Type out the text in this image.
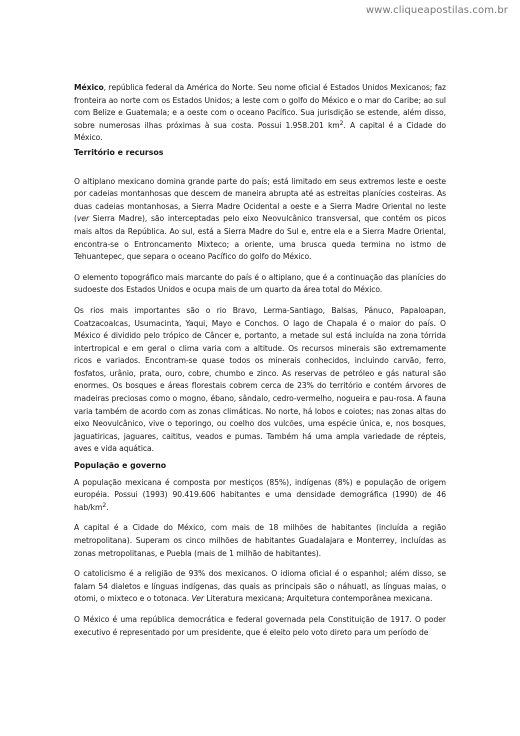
www.cliqueapostilas.com.br

México, república federal da América do Norte. Seu nome oficial é Estados Unidos Mexicanos; faz fronteira ao norte com os Estados Unidos; a leste com o golfo do México e o mar do Caribe; ao sul com Belize e Guatemala; e a oeste com o oceano Pacífico. Sua jurisdição se estende, além disso, sobre numerosas ilhas próximas à sua costa. Possui 1.958.201 $km^2$. A capital é a Cidade do México.

Território e recursos

O altiplano mexicano domina grande parte do país; está limitado em seus extremos leste e oeste por cadeias montanhosas que descem de maneira abrupta até as estreitas planícies costeiras. As duas cadeias montanhosas, a Sierra Madre Ocidental a oeste e a Sierra Madre Oriental no leste (ver Sierra Madre), são interceptadas pelo eixo Neovulcânico transversal, que contém os picos mais altos da República. Ao sul, está a Sierra Madre do Sul e, entre ela e a Sierra Madre Oriental, encontra-se o Entroncamento Mixteco; a oriente, uma brusca queda termina no istmo de Tehuantepec, que separa o oceano Pacífico do golfo do México.

O elemento topográfico mais marcante do país é o altiplano, que é a continuação das planícies do sudoeste dos Estados Unidos e ocupa mais de um quarto da área total do México.

Os rios mais importantes são o rio Bravo, Lerma-Santiago, Balsas, Pánuco, Papaloapan, Coatzacoalcas, Usumacinta, Yaqui, Mayo e Conchos. O lago de Chapala é o maior do país. O México é dividido pelo trópico de Câncer e, portanto, a metade sul está incluída na zona tórrida intertropical e em geral o clima varia com a altitude. Os recursos minerais são extremamente ricos e variados. Encontram-se quase todos os minerais conhecidos, incluindo carvão, ferro, fosfatos, urânio, prata, ouro, cobre, chumbo e zinco. As reservas de petróleo e gás natural são enormes. Os bosques e áreas florestais cobrem cerca de 23% do território e contém árvores de madeiras preciosas como o mogno, ébano, sândalo, cedro-vermelho, nogueira e pau-rosa. A fauna varia também de acordo com as zonas climáticas. No norte, há lobos e coiotes; nas zonas altas do eixo Neovulcânico, vive o teporingo, ou coelho dos vulcões, uma espécie única, e, nos bosques, jaguatiricas, jaguares, caititus, veados e pumas. Também há uma ampla variedade de répteis, aves e vida aquática.

População e governo

A população mexicana é composta por mestiços (85%), indígenas (8%) e população de origem européia. Possui (1993) 90.419.606 habitantes e uma densidade demográfica (1990) de 46 hab/$km^2$.

A capital é a Cidade do México, com mais de 18 milhões de habitantes (incluída a região metropolitana). Superam os cinco milhões de habitantes Guadalajara e Monterrey, incluídas as zonas metropolitanas, e Puebla (mais de 1 milhão de habitantes).

O catolicismo é a religião de 93% dos mexicanos. O idioma oficial é o espanhol; além disso, se falam 54 dialetos e línguas indígenas, das quais as principais são o náhuatl, as línguas maias, o otomi, o mixteco e o totonaca. Ver Literatura mexicana; Arquitetura contemporânea mexicana.

O México é uma república democrática e federal governada pela Constituição de 1917. O poder executivo é representado por um presidente, que é eleito pelo voto direto para um período de
